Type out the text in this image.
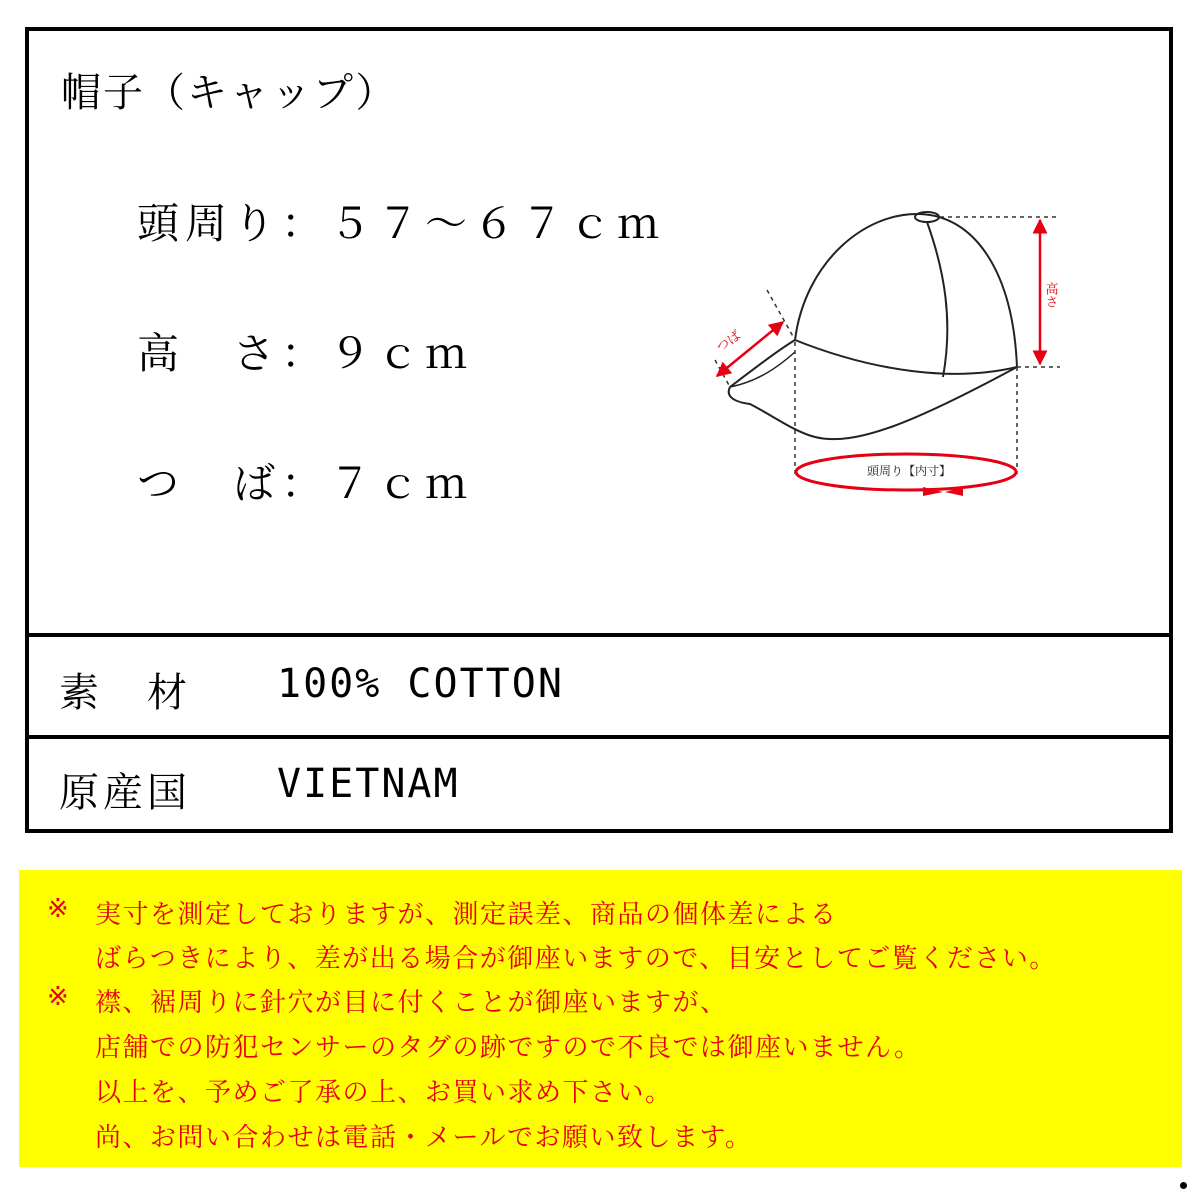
帽子（キャップ）
頭周り：５７～６７ｃｍ
高　さ：９ｃｍ
つ　ば：７ｃｍ
素　材 100% COTTON
原産国 VIETNAM
つば
高さ
頭周り【内寸】
※ 実寸を測定しておりますが、測定誤差、商品の個体差による
ばらつきにより、差が出る場合が御座いますので、目安としてご覧ください。
※ 襟、裾周りに針穴が目に付くことが御座いますが、
店舗での防犯センサーのタグの跡ですので不良では御座いません。
以上を、予めご了承の上、お買い求め下さい。
尚、お問い合わせは電話・メールでお願い致します。
